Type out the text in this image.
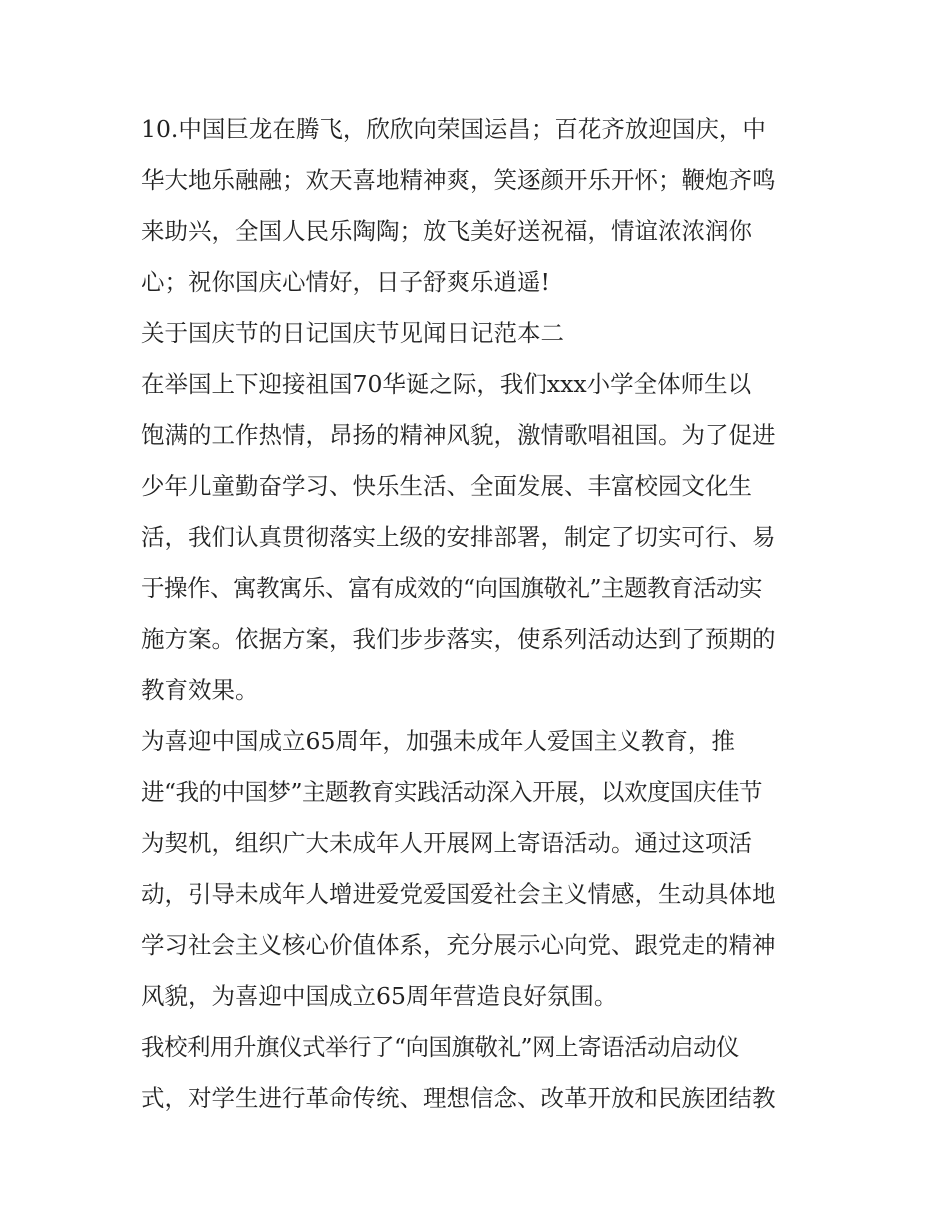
10.中国巨龙在腾飞，欣欣向荣国运昌；百花齐放迎国庆，中
华大地乐融融；欢天喜地精神爽，笑逐颜开乐开怀；鞭炮齐鸣
来助兴，全国人民乐陶陶；放飞美好送祝福，情谊浓浓润你
心；祝你国庆心情好，日子舒爽乐逍遥!
关于国庆节的日记国庆节见闻日记范本二
在举国上下迎接祖国70华诞之际，我们xxx小学全体师生以
饱满的工作热情，昂扬的精神风貌，激情歌唱祖国。为了促进
少年儿童勤奋学习、快乐生活、全面发展、丰富校园文化生
活，我们认真贯彻落实上级的安排部署，制定了切实可行、易
于操作、寓教寓乐、富有成效的“向国旗敬礼”主题教育活动实
施方案。依据方案，我们步步落实，使系列活动达到了预期的
教育效果。
为喜迎中国成立65周年，加强未成年人爱国主义教育，推
进“我的中国梦”主题教育实践活动深入开展，以欢度国庆佳节
为契机，组织广大未成年人开展网上寄语活动。通过这项活
动，引导未成年人增进爱党爱国爱社会主义情感，生动具体地
学习社会主义核心价值体系，充分展示心向党、跟党走的精神
风貌，为喜迎中国成立65周年营造良好氛围。
我校利用升旗仪式举行了“向国旗敬礼”网上寄语活动启动仪
式，对学生进行革命传统、理想信念、改革开放和民族团结教
